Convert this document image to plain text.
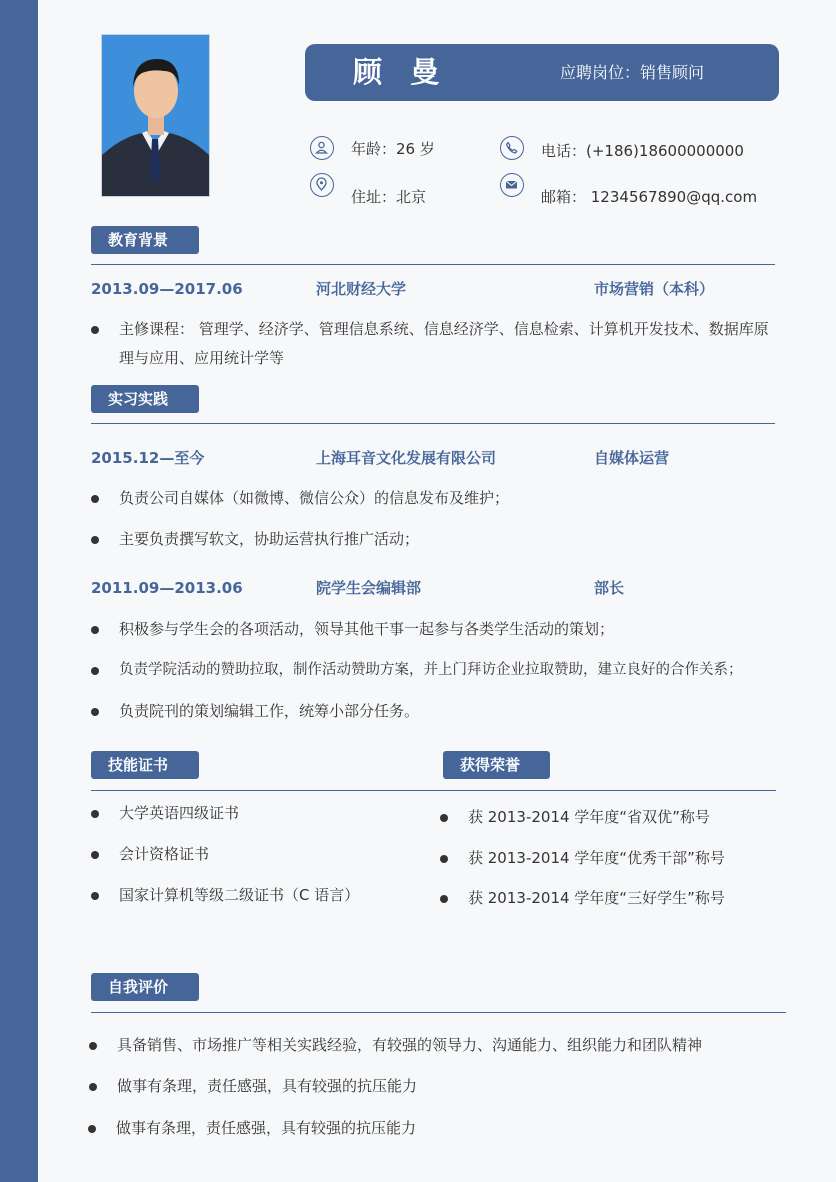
顾 曼	应聘岗位：销售顾问
年龄：26 岁
住址：北京
电话：(+186)18600000000
邮箱： 1234567890@qq.com
教育背景
2013.09—2017.06	河北财经大学	市场营销（本科）
主修课程： 管理学、经济学、管理信息系统、信息经济学、信息检索、计算机开发技术、数据库原理与应用、应用统计学等
实习实践
2015.12—至今	上海耳音文化发展有限公司	自媒体运营
负责公司自媒体（如微博、微信公众）的信息发布及维护；
主要负责撰写软文，协助运营执行推广活动；
2011.09—2013.06	院学生会编辑部	部长
积极参与学生会的各项活动，领导其他干事一起参与各类学生活动的策划；
负责学院活动的赞助拉取，制作活动赞助方案，并上门拜访企业拉取赞助，建立良好的合作关系；
负责院刊的策划编辑工作，统筹小部分任务。
技能证书	获得荣誉
大学英语四级证书
会计资格证书
国家计算机等级二级证书（C 语言）
获 2013-2014 学年度“省双优”称号
获 2013-2014 学年度“优秀干部”称号
获 2013-2014 学年度“三好学生”称号
自我评价
具备销售、市场推广等相关实践经验，有较强的领导力、沟通能力、组织能力和团队精神
做事有条理，责任感强，具有较强的抗压能力
做事有条理，责任感强，具有较强的抗压能力
